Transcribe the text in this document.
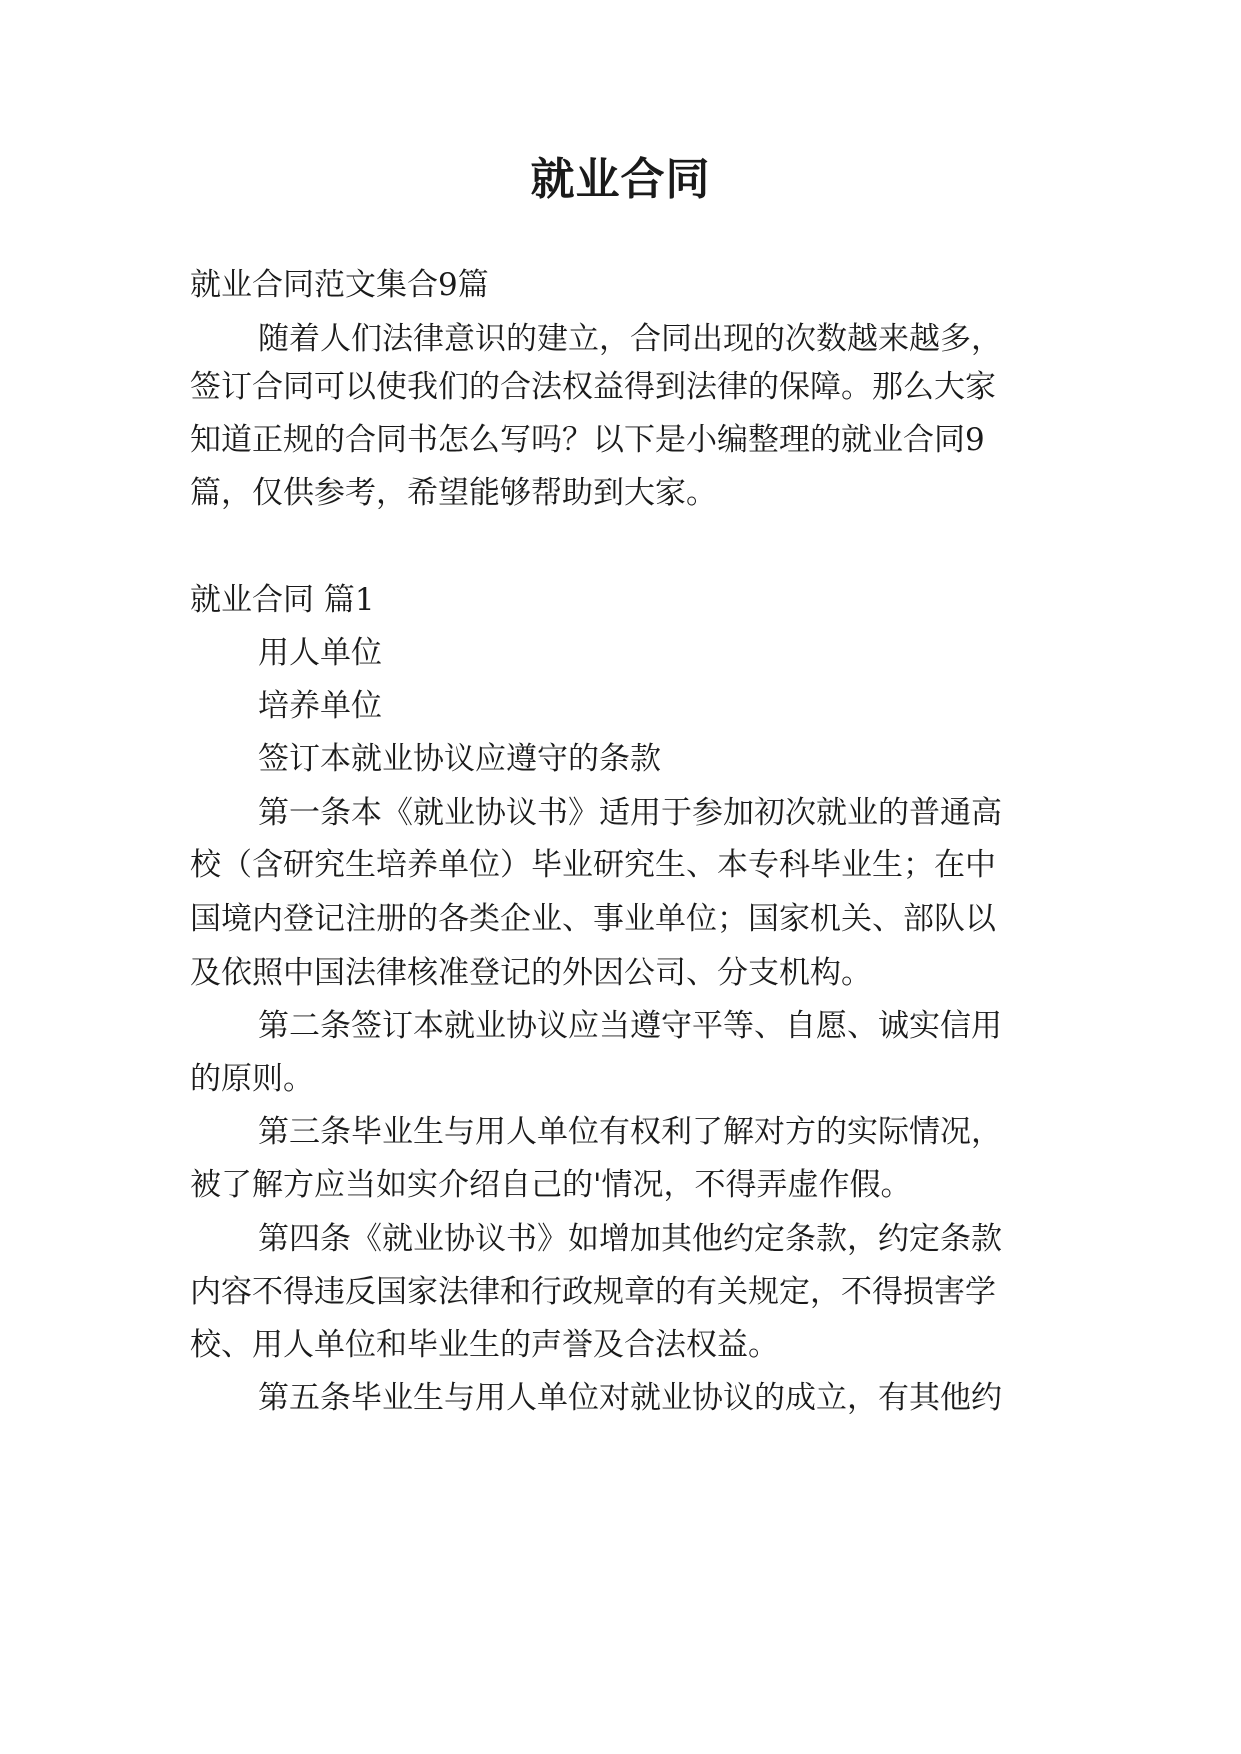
就业合同

就业合同范文集合9篇

随着人们法律意识的建立，合同出现的次数越来越多，

签订合同可以使我们的合法权益得到法律的保障。那么大家

知道正规的合同书怎么写吗？以下是小编整理的就业合同9

篇，仅供参考，希望能够帮助到大家。

就业合同 篇1

用人单位

培养单位

签订本就业协议应遵守的条款

第一条本《就业协议书》适用于参加初次就业的普通高

校（含研究生培养单位）毕业研究生、本专科毕业生；在中

国境内登记注册的各类企业、事业单位；国家机关、部队以

及依照中国法律核准登记的外因公司、分支机构。

第二条签订本就业协议应当遵守平等、自愿、诚实信用

的原则。

第三条毕业生与用人单位有权利了解对方的实际情况，

被了解方应当如实介绍自己的'情况，不得弄虚作假。

第四条《就业协议书》如增加其他约定条款，约定条款

内容不得违反国家法律和行政规章的有关规定，不得损害学

校、用人单位和毕业生的声誉及合法权益。

第五条毕业生与用人单位对就业协议的成立，有其他约
